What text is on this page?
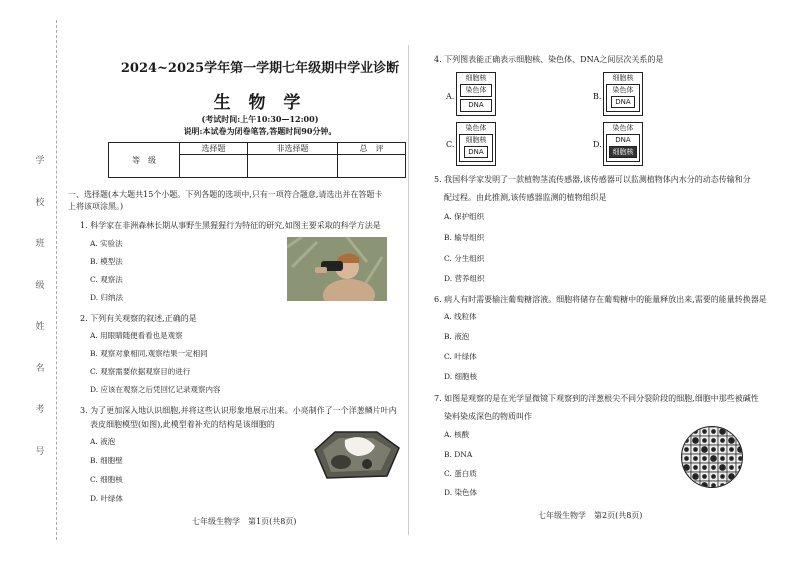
学
校
班
级
姓
名
考
号
2024~2025学年第一学期七年级期中学业诊断
生 物 学
(考试时间:上午10:30—12:00)
说明:本试卷为闭卷笔答,答题时间90分钟。
等　级	选择题	非选择题	总　评

一、选择题(本大题共15个小题。下列各题的选项中,只有一项符合题意,请选出并在答题卡
上将该项涂黑。)
1. 科学家在非洲森林长期从事野生黑猩猩行为特征的研究,如图主要采取的科学方法是
A. 实验法
B. 模型法
C. 观察法
D. 归纳法
2. 下列有关观察的叙述,正确的是
A. 用眼睛随便看看也是观察
B. 观察对象相同,观察结果一定相同
C. 观察需要依据观察目的进行
D. 应该在观察之后凭回忆记录观察内容
3. 为了更加深入地认识细胞,并将这些认识形象地展示出来。小亮制作了一个洋葱鳞片叶内
表皮细胞模型(如图),此模型着补充的结构是该细胞的
A. 液泡
B. 细胞壁
C. 细胞核
D. 叶绿体
七年级生物学　第1页(共8页)
4. 下列图表能正确表示细胞核、染色体、DNA之间层次关系的是
A.
细胞核
染色体
DNA
B.
细胞核
染色体
DNA
C.
染色体
细胞核
DNA
D.
染色体
DNA
细胞核
5. 我国科学家发明了一款植物茎流传感器,该传感器可以监测植物体内水分的动态传输和分
配过程。由此推测,该传感器监测的植物组织是
A. 保护组织
B. 输导组织
C. 分生组织
D. 营养组织
6. 病人有时需要输注葡萄糖溶液。细胞将储存在葡萄糖中的能量释放出来,需要的能量转换器是
A. 线粒体
B. 液泡
C. 叶绿体
D. 细胞核
7. 如图是观察的是在光学显微镜下观察到的洋葱根尖不同分裂阶段的细胞,细胞中那些被碱性
染料染成深色的物质叫作
A. 核酸
B. DNA
C. 蛋白质
D. 染色体
七年级生物学　第2页(共8页)
